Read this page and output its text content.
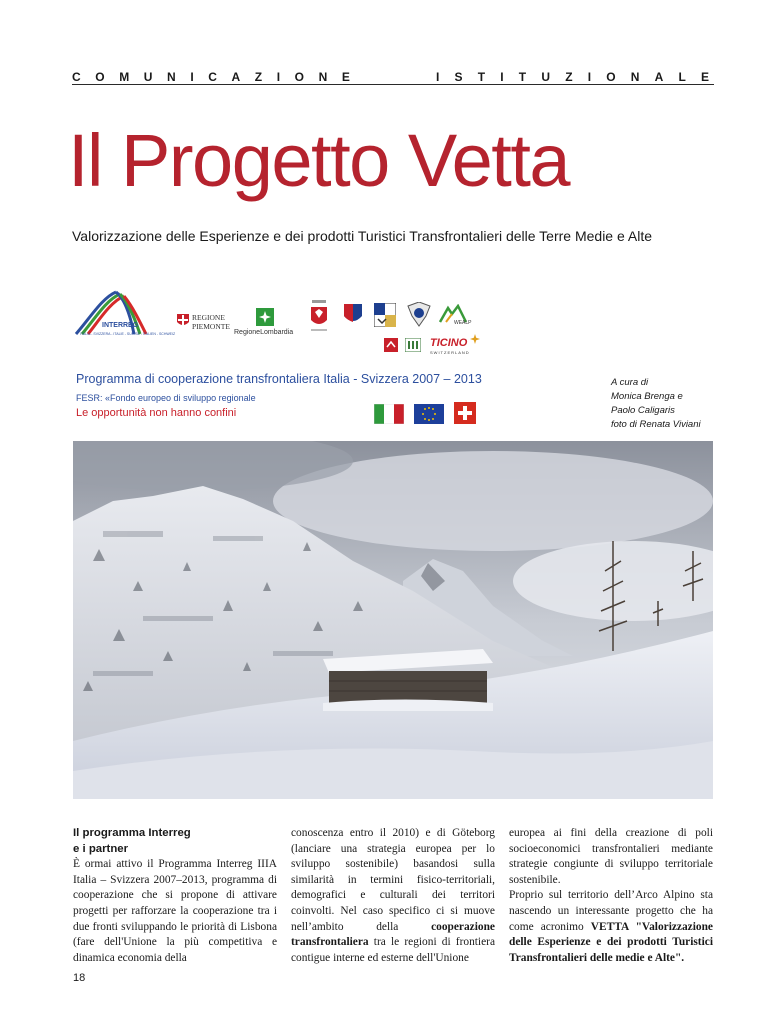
COMUNICAZIONE	ISTITUZIONALE
Il Progetto Vetta
Valorizzazione delle Esperienze e dei prodotti Turistici Transfrontalieri delle Terre Medie e Alte
INTERREG
ITALIA - SVIZZERA - ITALIE - SUISSE - ITALIEN - SCHWEIZ
REGIONE
PIEMONTE
RegioneLombardia
WEALP
TICINO
SWITZERLAND
Programma di cooperazione transfrontaliera Italia - Svizzera 2007 – 2013
FESR: «Fondo europeo di sviluppo regionale
Le opportunità non hanno confini
A cura di
Monica Brenga e
Paolo Caligaris
foto di Renata Viviani
Il programma Interreg
e i partner

È ormai attivo il Programma Interreg IIIA Italia – Svizzera 2007–2013, programma di cooperazione che si propone di attivare progetti per rafforzare la cooperazione tra i due fronti sviluppando le priorità di Lisbona (fare dell'Unione la più competitiva e dinamica economia della

conoscenza entro il 2010) e di Göteborg (lanciare una strategia europea per lo sviluppo sostenibile) basandosi sulla similarità in termini fisico-territoriali, demografici e culturali dei territori coinvolti. Nel caso specifico ci si muove nell’ambito della cooperazione transfrontaliera tra le regioni di frontiera contigue interne ed esterne dell'Unione

europea ai fini della creazione di poli socioeconomici transfrontalieri mediante strategie congiunte di sviluppo territoriale sostenibile.

Proprio sul territorio dell’Arco Alpino sta nascendo un interessante progetto che ha come acronimo VETTA "Valorizzazione delle Esperienze e dei prodotti Turistici Transfrontalieri delle medie e Alte".

18
